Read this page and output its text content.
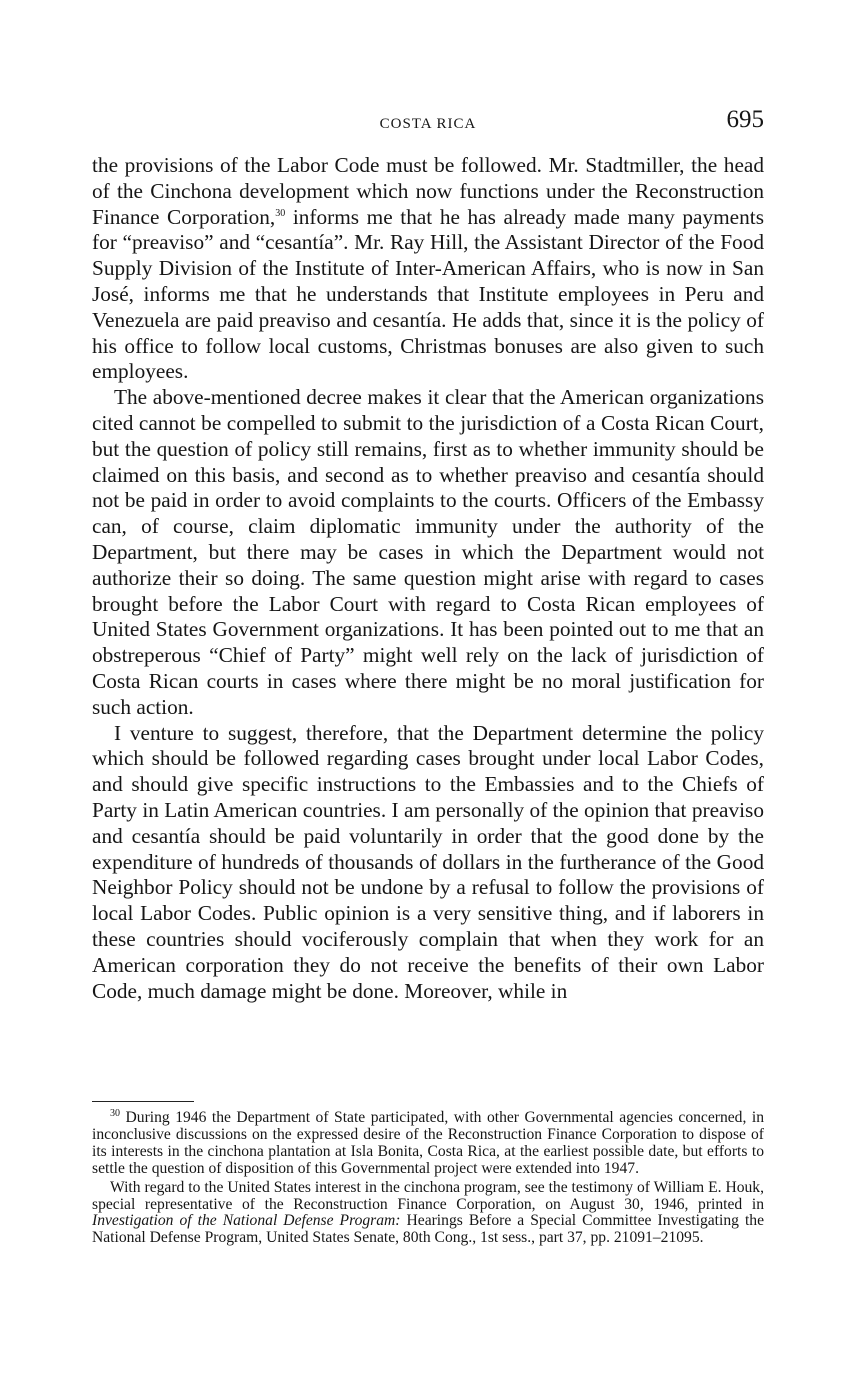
COSTA RICA	695

the provisions of the Labor Code must be followed. Mr. Stadtmiller, the head of the Cinchona development which now functions under the Reconstruction Finance Corporation,$^{30}$ informs me that he has already made many payments for “preaviso” and “cesantía”. Mr. Ray Hill, the Assistant Director of the Food Supply Division of the Institute of Inter-American Affairs, who is now in San José, informs me that he understands that Institute employees in Peru and Venezuela are paid preaviso and cesantía. He adds that, since it is the policy of his office to follow local customs, Christmas bonuses are also given to such employees.

The above-mentioned decree makes it clear that the American organizations cited cannot be compelled to submit to the jurisdiction of a Costa Rican Court, but the question of policy still remains, first as to whether immunity should be claimed on this basis, and second as to whether preaviso and cesantía should not be paid in order to avoid complaints to the courts. Officers of the Embassy can, of course, claim diplomatic immunity under the authority of the Department, but there may be cases in which the Department would not authorize their so doing. The same question might arise with regard to cases brought before the Labor Court with regard to Costa Rican employees of United States Government organizations. It has been pointed out to me that an obstreperous “Chief of Party” might well rely on the lack of jurisdiction of Costa Rican courts in cases where there might be no moral justification for such action.

I venture to suggest, therefore, that the Department determine the policy which should be followed regarding cases brought under local Labor Codes, and should give specific instructions to the Embassies and to the Chiefs of Party in Latin American countries. I am personally of the opinion that preaviso and cesantía should be paid voluntarily in order that the good done by the expenditure of hundreds of thousands of dollars in the furtherance of the Good Neighbor Policy should not be undone by a refusal to follow the provisions of local Labor Codes. Public opinion is a very sensitive thing, and if laborers in these countries should vociferously complain that when they work for an American corporation they do not receive the benefits of their own Labor Code, much damage might be done. Moreover, while in

$^{30}$ During 1946 the Department of State participated, with other Governmental agencies concerned, in inconclusive discussions on the expressed desire of the Reconstruction Finance Corporation to dispose of its interests in the cinchona plantation at Isla Bonita, Costa Rica, at the earliest possible date, but efforts to settle the question of disposition of this Governmental project were extended into 1947.

With regard to the United States interest in the cinchona program, see the testimony of William E. Houk, special representative of the Reconstruction Finance Corporation, on August 30, 1946, printed in Investigation of the National Defense Program: Hearings Before a Special Committee Investigating the National Defense Program, United States Senate, 80th Cong., 1st sess., part 37, pp. 21091–21095.
